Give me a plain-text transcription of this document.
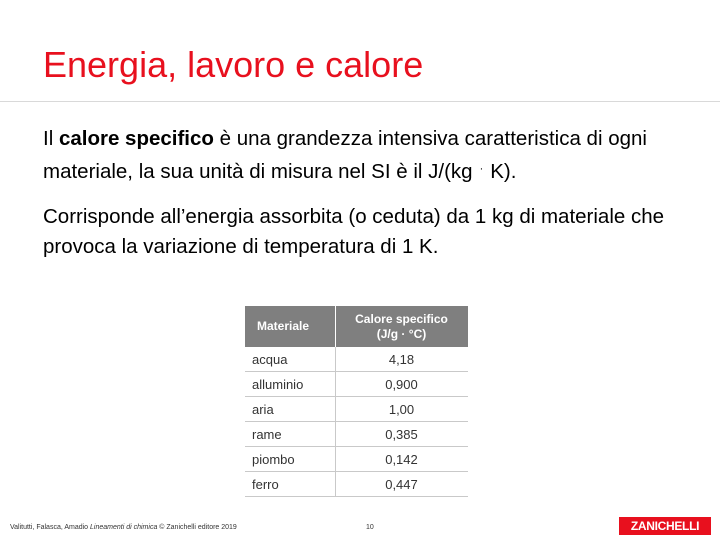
Energia, lavoro e calore

Il calore specifico è una grandezza intensiva caratteristica di ogni materiale, la sua unità di misura nel SI è il J/(kg · K).

Corrisponde all’energia assorbita (o ceduta) da 1 kg di materiale che provoca la variazione di temperatura di 1 K.

Materiale	Calore specifico
(J/g · °C)
acqua	4,18
alluminio	0,900
aria	1,00
rame	0,385
piombo	0,142
ferro	0,447
Valitutti, Falasca, Amadio Lineamenti di chimica © Zanichelli editore 2019	10	ZANICHELLI
